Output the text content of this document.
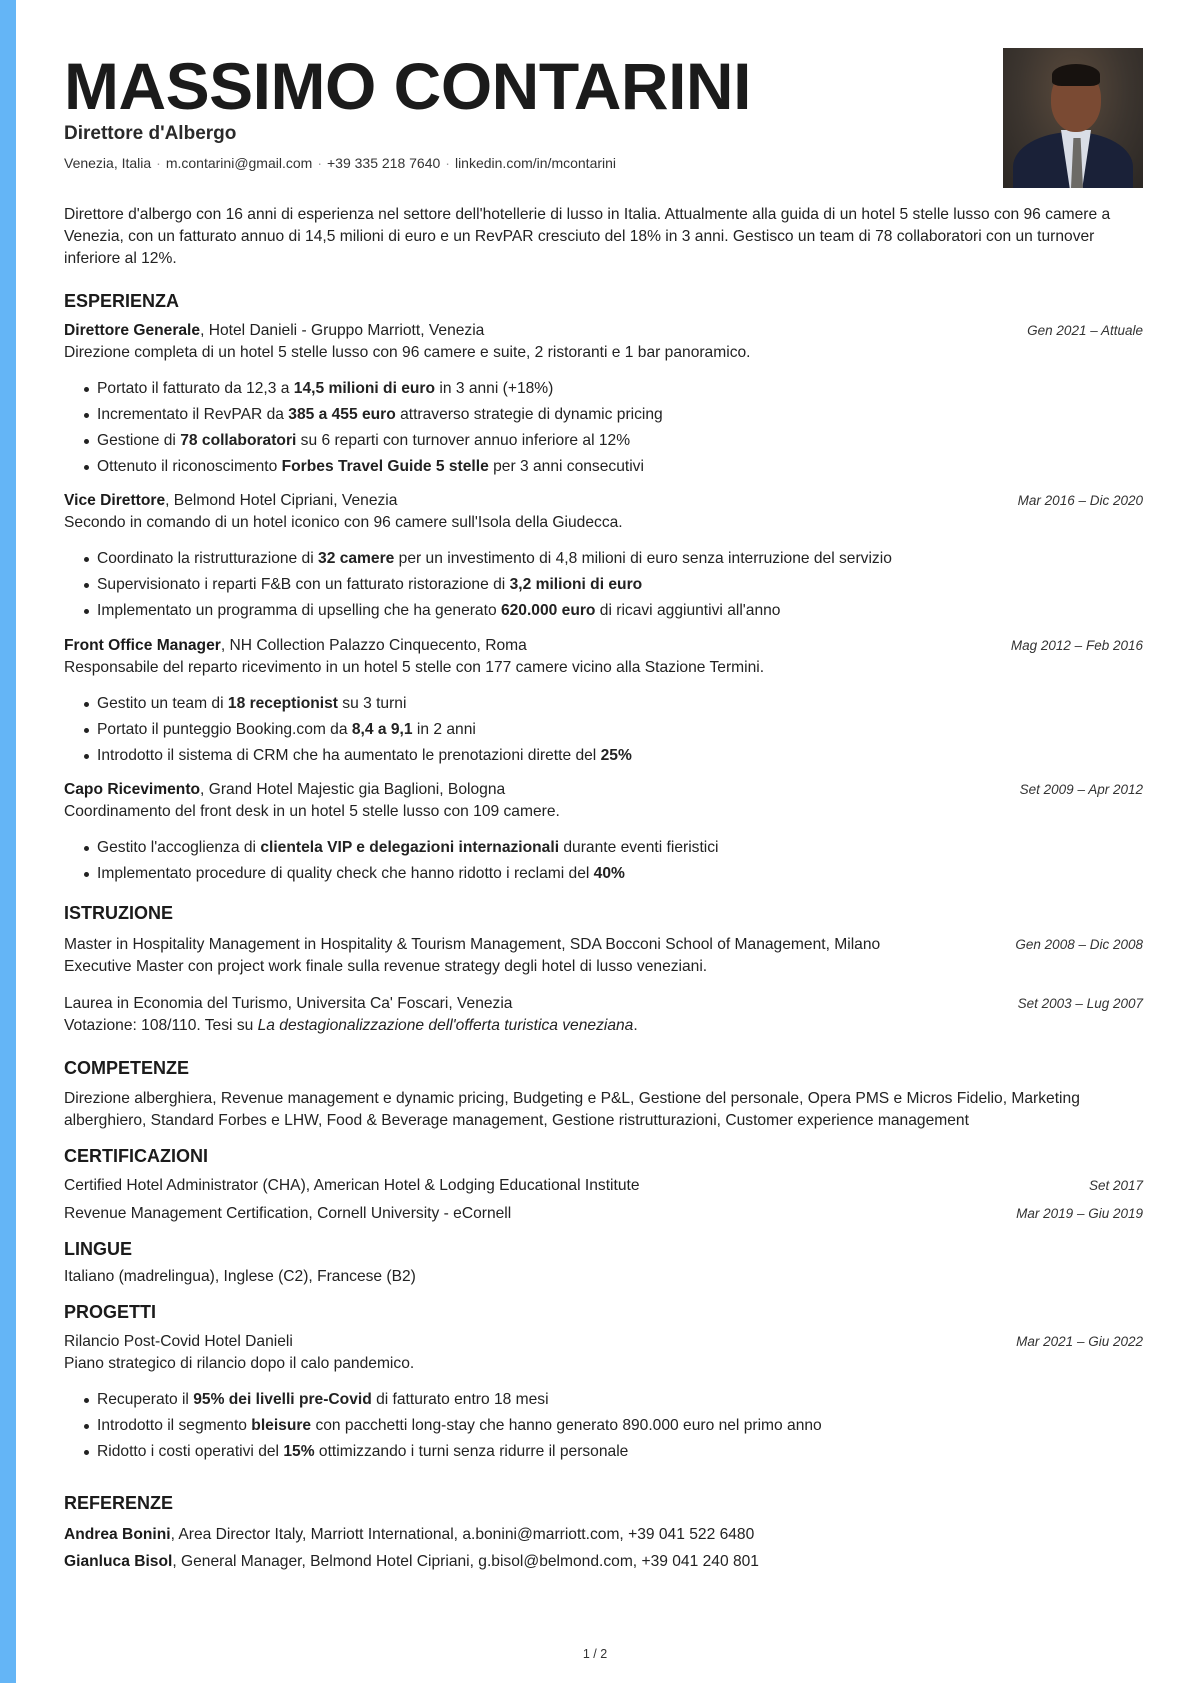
MASSIMO CONTARINI
Direttore d'Albergo
Venezia, Italia · m.contarini@gmail.com · +39 335 218 7640 · linkedin.com/in/mcontarini
Direttore d'albergo con 16 anni di esperienza nel settore dell'hotellerie di lusso in Italia. Attualmente alla guida di un hotel 5 stelle lusso con 96 camere a Venezia, con un fatturato annuo di 14,5 milioni di euro e un RevPAR cresciuto del 18% in 3 anni. Gestisco un team di 78 collaboratori con un turnover inferiore al 12%.
ESPERIENZA
Direttore Generale, Hotel Danieli - Gruppo Marriott, Venezia	Gen 2021 – Attuale
Direzione completa di un hotel 5 stelle lusso con 96 camere e suite, 2 ristoranti e 1 bar panoramico.
Portato il fatturato da 12,3 a 14,5 milioni di euro in 3 anni (+18%)
Incrementato il RevPAR da 385 a 455 euro attraverso strategie di dynamic pricing
Gestione di 78 collaboratori su 6 reparti con turnover annuo inferiore al 12%
Ottenuto il riconoscimento Forbes Travel Guide 5 stelle per 3 anni consecutivi
Vice Direttore, Belmond Hotel Cipriani, Venezia	Mar 2016 – Dic 2020
Secondo in comando di un hotel iconico con 96 camere sull'Isola della Giudecca.
Coordinato la ristrutturazione di 32 camere per un investimento di 4,8 milioni di euro senza interruzione del servizio
Supervisionato i reparti F&B con un fatturato ristorazione di 3,2 milioni di euro
Implementato un programma di upselling che ha generato 620.000 euro di ricavi aggiuntivi all'anno
Front Office Manager, NH Collection Palazzo Cinquecento, Roma	Mag 2012 – Feb 2016
Responsabile del reparto ricevimento in un hotel 5 stelle con 177 camere vicino alla Stazione Termini.
Gestito un team di 18 receptionist su 3 turni
Portato il punteggio Booking.com da 8,4 a 9,1 in 2 anni
Introdotto il sistema di CRM che ha aumentato le prenotazioni dirette del 25%
Capo Ricevimento, Grand Hotel Majestic gia Baglioni, Bologna	Set 2009 – Apr 2012
Coordinamento del front desk in un hotel 5 stelle lusso con 109 camere.
Gestito l'accoglienza di clientela VIP e delegazioni internazionali durante eventi fieristici
Implementato procedure di quality check che hanno ridotto i reclami del 40%
ISTRUZIONE
Master in Hospitality Management in Hospitality & Tourism Management, SDA Bocconi School of Management, Milano	Gen 2008 – Dic 2008
Executive Master con project work finale sulla revenue strategy degli hotel di lusso veneziani.
Laurea in Economia del Turismo, Universita Ca' Foscari, Venezia	Set 2003 – Lug 2007
Votazione: 108/110. Tesi su La destagionalizzazione dell'offerta turistica veneziana.
COMPETENZE
Direzione alberghiera, Revenue management e dynamic pricing, Budgeting e P&L, Gestione del personale, Opera PMS e Micros Fidelio, Marketing alberghiero, Standard Forbes e LHW, Food & Beverage management, Gestione ristrutturazioni, Customer experience management
CERTIFICAZIONI
Certified Hotel Administrator (CHA), American Hotel & Lodging Educational Institute	Set 2017
Revenue Management Certification, Cornell University - eCornell	Mar 2019 – Giu 2019
LINGUE
Italiano (madrelingua), Inglese (C2), Francese (B2)
PROGETTI
Rilancio Post-Covid Hotel Danieli	Mar 2021 – Giu 2022
Piano strategico di rilancio dopo il calo pandemico.
Recuperato il 95% dei livelli pre-Covid di fatturato entro 18 mesi
Introdotto il segmento bleisure con pacchetti long-stay che hanno generato 890.000 euro nel primo anno
Ridotto i costi operativi del 15% ottimizzando i turni senza ridurre il personale
REFERENZE
Andrea Bonini, Area Director Italy, Marriott International, a.bonini@marriott.com, +39 041 522 6480
Gianluca Bisol, General Manager, Belmond Hotel Cipriani, g.bisol@belmond.com, +39 041 240 801
1 / 2
